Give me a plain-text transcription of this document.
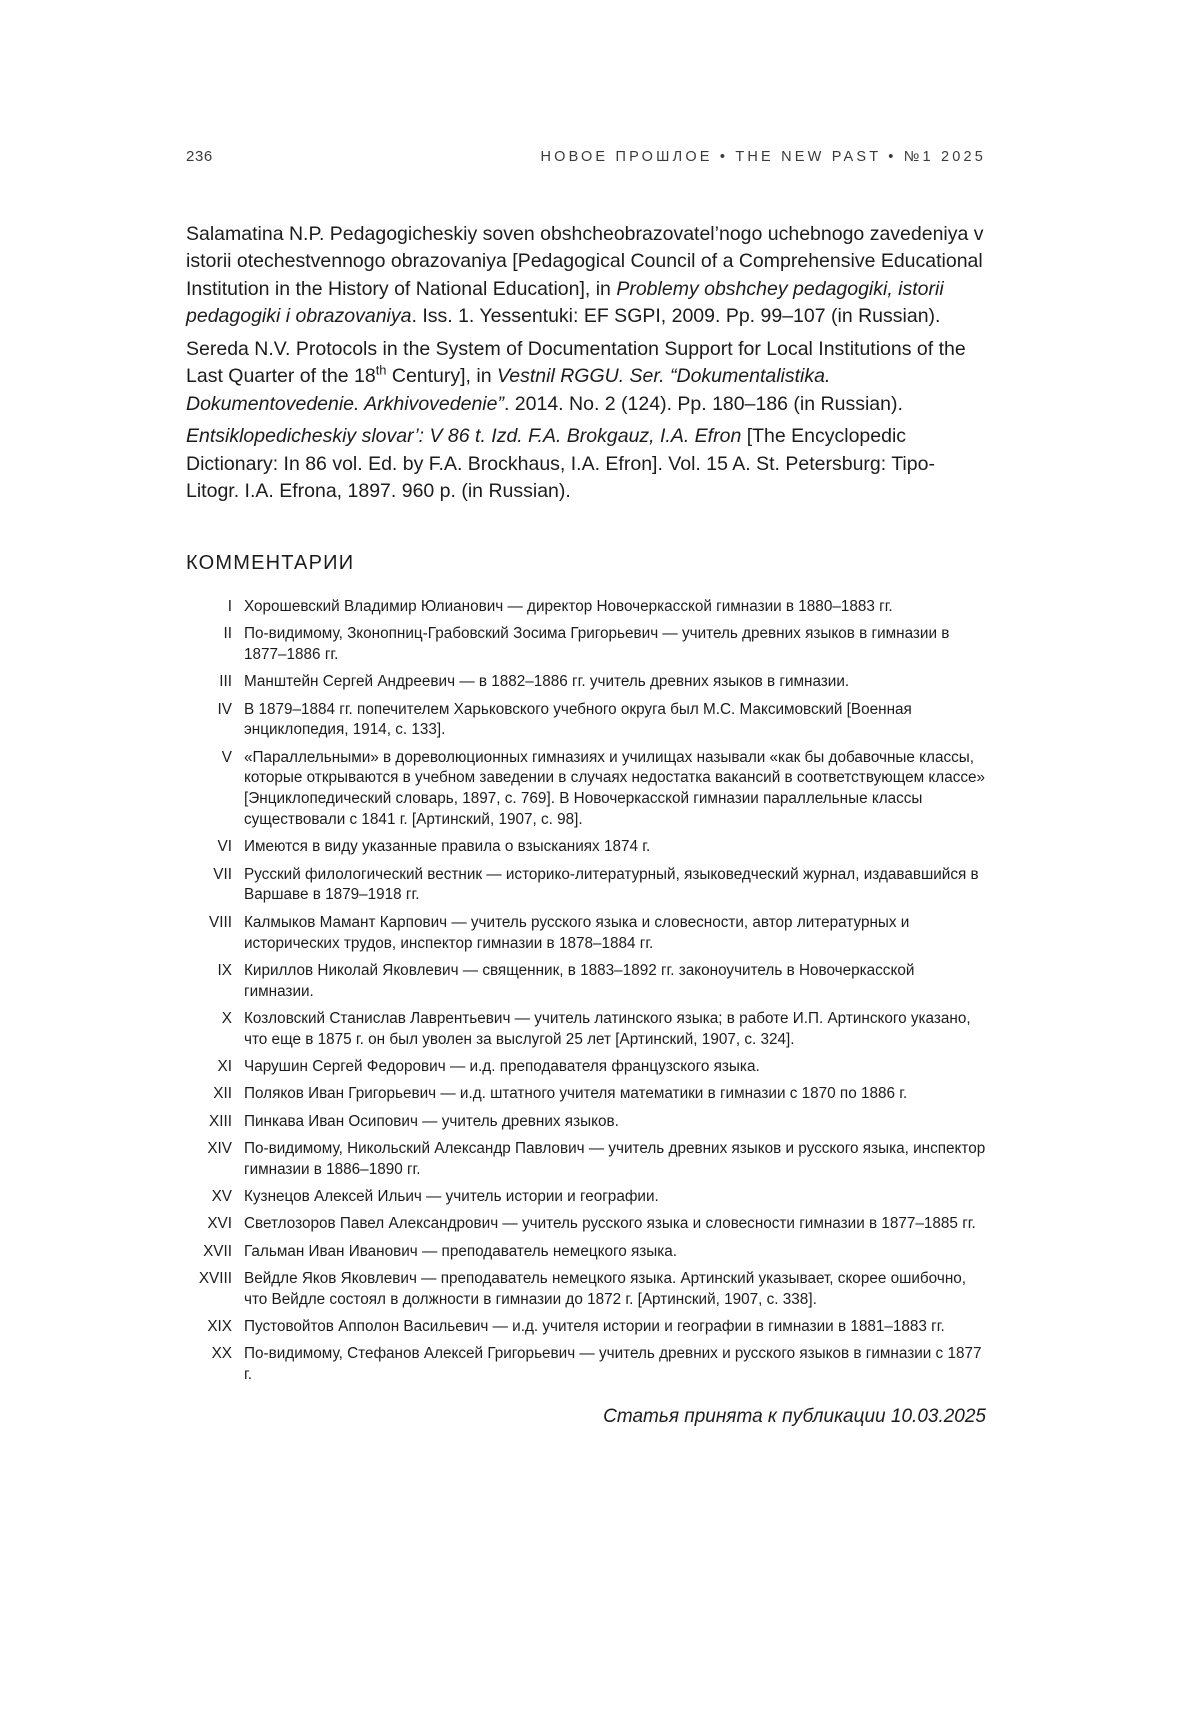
236	НОВОЕ ПРОШЛОЕ • THE NEW PAST • №1 2025
Salamatina N.P. Pedagogicheskiy soven obshcheobrazovatel’nogo uchebnogo zavedeniya v istorii otechestvennogo obrazovaniya [Pedagogical Council of a Comprehensive Educational Institution in the History of National Education], in Problemy obshchey pedagogiki, istorii pedagogiki i obrazovaniya. Iss. 1. Yessentuki: EF SGPI, 2009. Pp. 99–107 (in Russian).
Sereda N.V. Protocols in the System of Documentation Support for Local Institutions of the Last Quarter of the 18th Century], in Vestnil RGGU. Ser. “Dokumentalistika. Dokumentovedenie. Arkhivovedenie”. 2014. No. 2 (124). Pp. 180–186 (in Russian).
Entsiklopedicheskiy slovar’: V 86 t. Izd. F.A. Brokgauz, I.A. Efron [The Encyclopedic Dictionary: In 86 vol. Ed. by F.A. Brockhaus, I.A. Efron]. Vol. 15 A. St. Petersburg: Tipo-Litogr. I.A. Efrona, 1897. 960 p. (in Russian).
КОММЕНТАРИИ
I Хорошевский Владимир Юлианович — директор Новочеркасской гимназии в 1880–1883 гг.
II По-видимому, Зконопниц-Грабовский Зосима Григорьевич — учитель древних языков в гимназии в 1877–1886 гг.
III Манштейн Сергей Андреевич — в 1882–1886 гг. учитель древних языков в гимназии.
IV В 1879–1884 гг. попечителем Харьковского учебного округа был М.С. Максимовский [Военная энциклопедия, 1914, с. 133].
V «Параллельными» в дореволюционных гимназиях и училищах называли «как бы добавочные классы, которые открываются в учебном заведении в случаях недостатка вакансий в соответствующем классе» [Энциклопедический словарь, 1897, с. 769]. В Новочеркасской гимназии параллельные классы существовали с 1841 г. [Артинский, 1907, с. 98].
VI Имеются в виду указанные правила о взысканиях 1874 г.
VII Русский филологический вестник — историко-литературный, языковедческий журнал, издававшийся в Варшаве в 1879–1918 гг.
VIII Калмыков Мамант Карпович — учитель русского языка и словесности, автор литературных и исторических трудов, инспектор гимназии в 1878–1884 гг.
IX Кириллов Николай Яковлевич — священник, в 1883–1892 гг. законоучитель в Новочеркасской гимназии.
X Козловский Станислав Лаврентьевич — учитель латинского языка; в работе И.П. Артинского указано, что еще в 1875 г. он был уволен за выслугой 25 лет [Артинский, 1907, с. 324].
XI Чарушин Сергей Федорович — и.д. преподавателя французского языка.
XII Поляков Иван Григорьевич — и.д. штатного учителя математики в гимназии с 1870 по 1886 г.
XIII Пинкава Иван Осипович — учитель древних языков.
XIV По-видимому, Никольский Александр Павлович — учитель древних языков и русского языка, инспектор гимназии в 1886–1890 гг.
XV Кузнецов Алексей Ильич — учитель истории и географии.
XVI Светлозоров Павел Александрович — учитель русского языка и словесности гимназии в 1877–1885 гг.
XVII Гальман Иван Иванович — преподаватель немецкого языка.
XVIII Вейдле Яков Яковлевич — преподаватель немецкого языка. Артинский указывает, скорее ошибочно, что Вейдле состоял в должности в гимназии до 1872 г. [Артинский, 1907, с. 338].
XIX Пустовойтов Апполон Васильевич — и.д. учителя истории и географии в гимназии в 1881–1883 гг.
XX По-видимому, Стефанов Алексей Григорьевич — учитель древних и русского языков в гимназии с 1877 г.
Статья принята к публикации 10.03.2025
